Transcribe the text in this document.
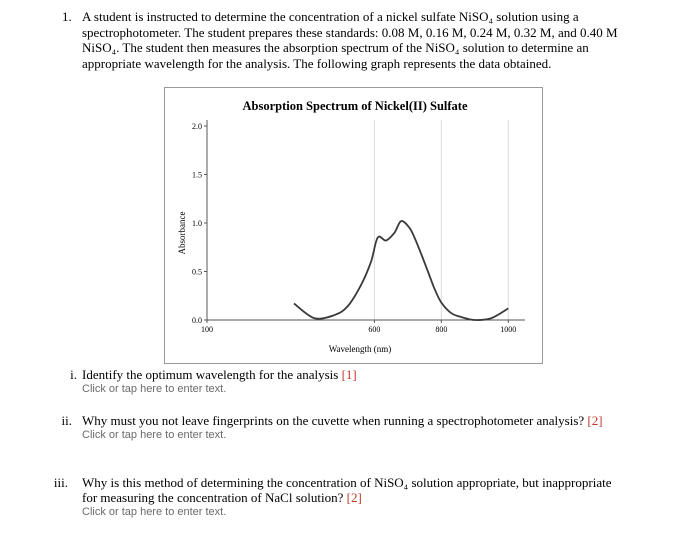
1. A student is instructed to determine the concentration of a nickel sulfate NiSO₄ solution using a
spectrophotometer. The student prepares these standards: 0.08 M, 0.16 M, 0.24 M, 0.32 M, and 0.40 M
NiSO₄. The student then measures the absorption spectrum of the NiSO₄ solution to determine an
appropriate wavelength for the analysis. The following graph represents the data obtained.
Absorption Spectrum of Nickel(II) Sulfate
Wavelength (nm)
Absorbance
0.0
0.5
1.0
1.5
2.0
100	600	800	1000
i. Identify the optimum wavelength for the analysis [1]
Click or tap here to enter text.
ii. Why must you not leave fingerprints on the cuvette when running a spectrophotometer analysis? [2]
Click or tap here to enter text.
iii. Why is this method of determining the concentration of NiSO₄ solution appropriate, but inappropriate
for measuring the concentration of NaCl solution? [2]
Click or tap here to enter text.
